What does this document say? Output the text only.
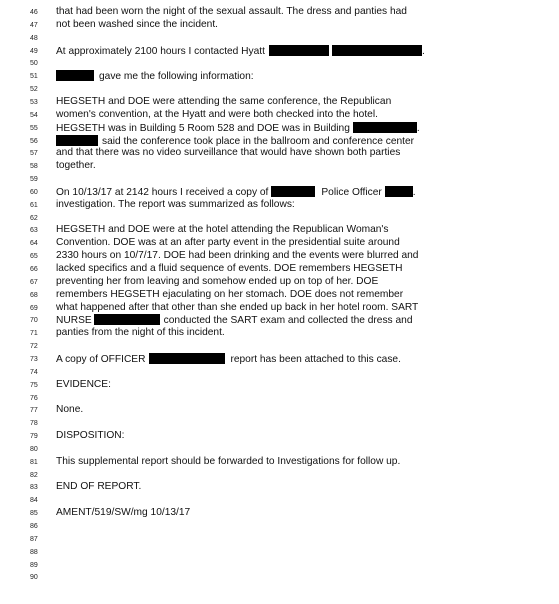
46 that had been worn the night of the sexual assault. The dress and panties had
47 not been washed since the incident.
48
49 At approximately 2100 hours I contacted Hyatt	.
50
51	gave me the following information:
52
53 HEGSETH and DOE were attending the same conference, the Republican
54 women's convention, at the Hyatt and were both checked into the hotel.
55 HEGSETH was in Building 5 Room 528 and DOE was in Building	.
56	said the conference took place in the ballroom and conference center
57 and that there was no video surveillance that would have shown both parties
58 together.
59
60 On 10/13/17 at 2142 hours I received a copy of	Police Officer	.
61 investigation. The report was summarized as follows:
62
63 HEGSETH and DOE were at the hotel attending the Republican Woman's
64 Convention. DOE was at an after party event in the presidential suite around
65 2330 hours on 10/7/17. DOE had been drinking and the events were blurred and
66 lacked specifics and a fluid sequence of events. DOE remembers HEGSETH
67 preventing her from leaving and somehow ended up on top of her. DOE
68 remembers HEGSETH ejaculating on her stomach. DOE does not remember
69 what happened after that other than she ended up back in her hotel room. SART
70 NURSE	conducted the SART exam and collected the dress and
71 panties from the night of this incident.
72
73 A copy of OFFICER	report has been attached to this case.
74
75 EVIDENCE:
76
77 None.
78
79 DISPOSITION:
80
81 This supplemental report should be forwarded to Investigations for follow up.
82
83 END OF REPORT.
84
85 AMENT/519/SW/mg 10/13/17
86
87
88
89
90
